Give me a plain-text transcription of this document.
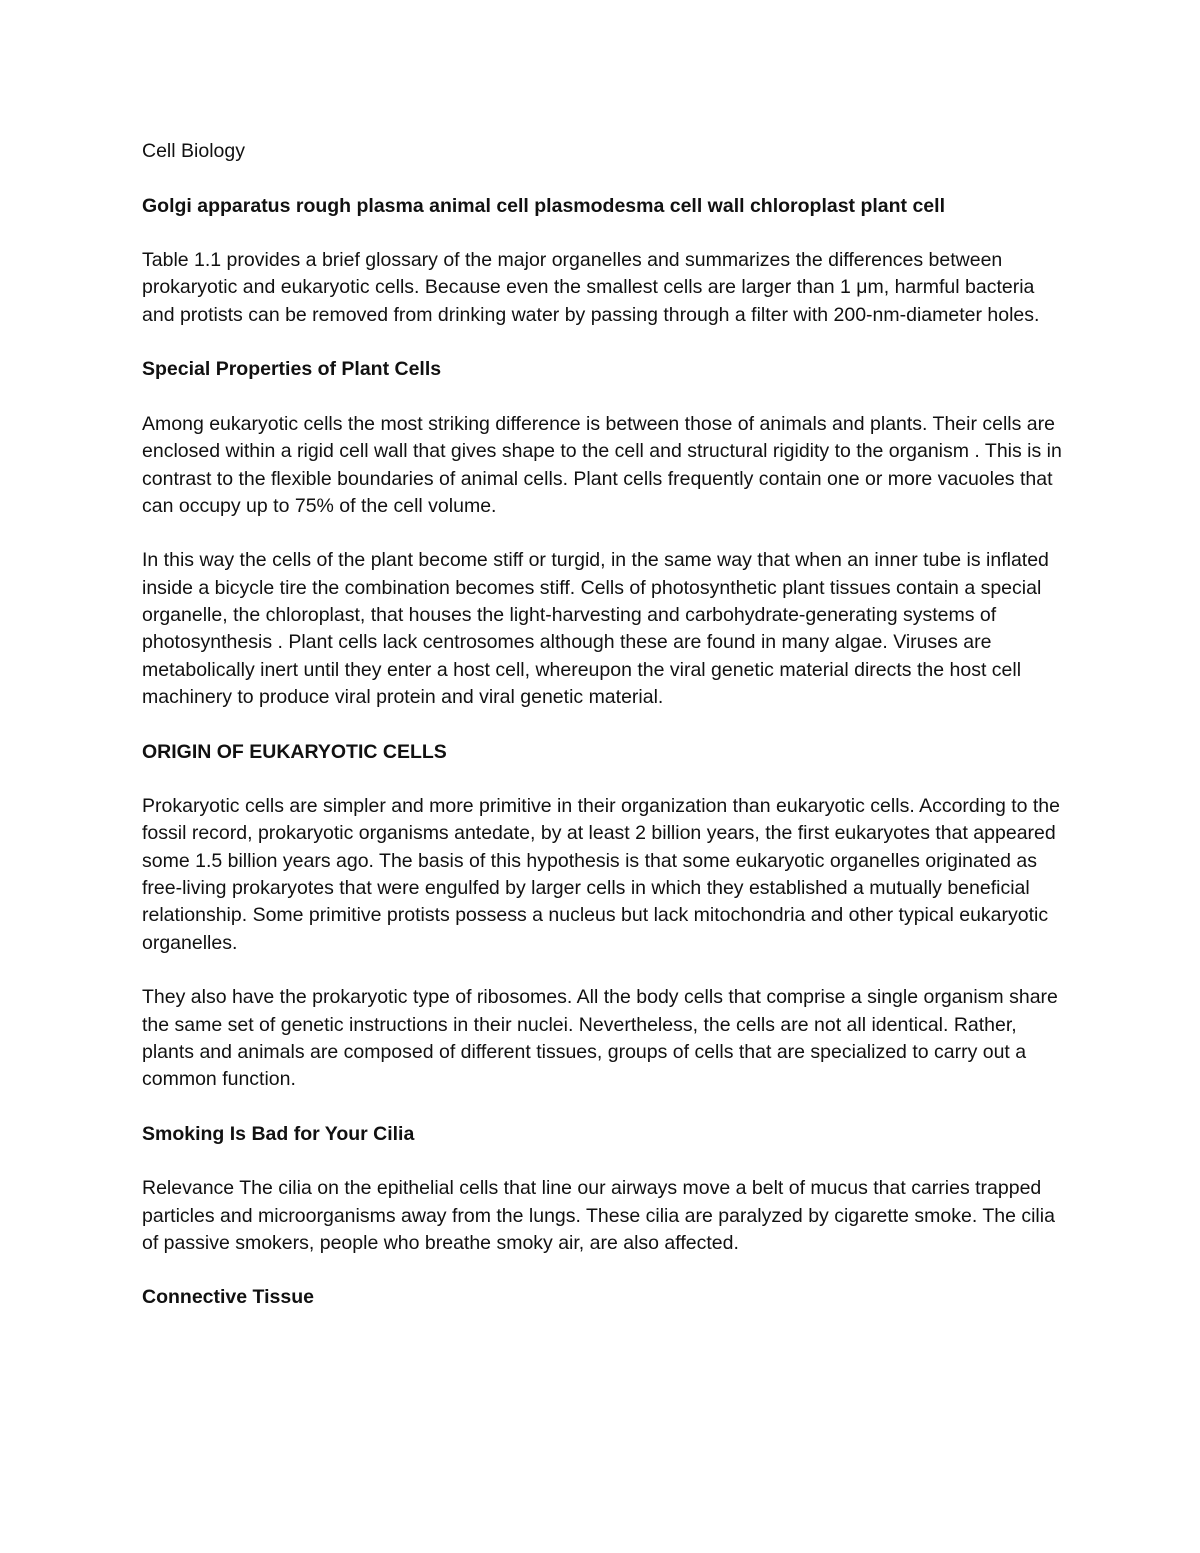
Cell Biology

Golgi apparatus rough plasma animal cell plasmodesma cell wall chloroplast plant cell

Table 1.1 provides a brief glossary of the major organelles and summarizes the differences between prokaryotic and eukaryotic cells. Because even the smallest cells are larger than 1 μm, harmful bacteria and protists can be removed from drinking water by passing through a filter with 200-nm-diameter holes.

Special Properties of Plant Cells

Among eukaryotic cells the most striking difference is between those of animals and plants. Their cells are enclosed within a rigid cell wall that gives shape to the cell and structural rigidity to the organism . This is in contrast to the flexible boundaries of animal cells. Plant cells frequently contain one or more vacuoles that can occupy up to 75% of the cell volume.

In this way the cells of the plant become stiff or turgid, in the same way that when an inner tube is inflated inside a bicycle tire the combination becomes stiff. Cells of photosynthetic plant tissues contain a special organelle, the chloroplast, that houses the light-harvesting and carbohydrate-generating systems of photosynthesis . Plant cells lack centrosomes although these are found in many algae. Viruses are metabolically inert until they enter a host cell, whereupon the viral genetic material directs the host cell machinery to produce viral protein and viral genetic material.

ORIGIN OF EUKARYOTIC CELLS

Prokaryotic cells are simpler and more primitive in their organization than eukaryotic cells. According to the fossil record, prokaryotic organisms antedate, by at least 2 billion years, the first eukaryotes that appeared some 1.5 billion years ago. The basis of this hypothesis is that some eukaryotic organelles originated as free-living prokaryotes that were engulfed by larger cells in which they established a mutually beneficial relationship. Some primitive protists possess a nucleus but lack mitochondria and other typical eukaryotic organelles.

They also have the prokaryotic type of ribosomes. All the body cells that comprise a single organism share the same set of genetic instructions in their nuclei. Nevertheless, the cells are not all identical. Rather, plants and animals are composed of different tissues, groups of cells that are specialized to carry out a common function.

Smoking Is Bad for Your Cilia

Relevance The cilia on the epithelial cells that line our airways move a belt of mucus that carries trapped particles and microorganisms away from the lungs. These cilia are paralyzed by cigarette smoke. The cilia of passive smokers, people who breathe smoky air, are also affected.

Connective Tissue
